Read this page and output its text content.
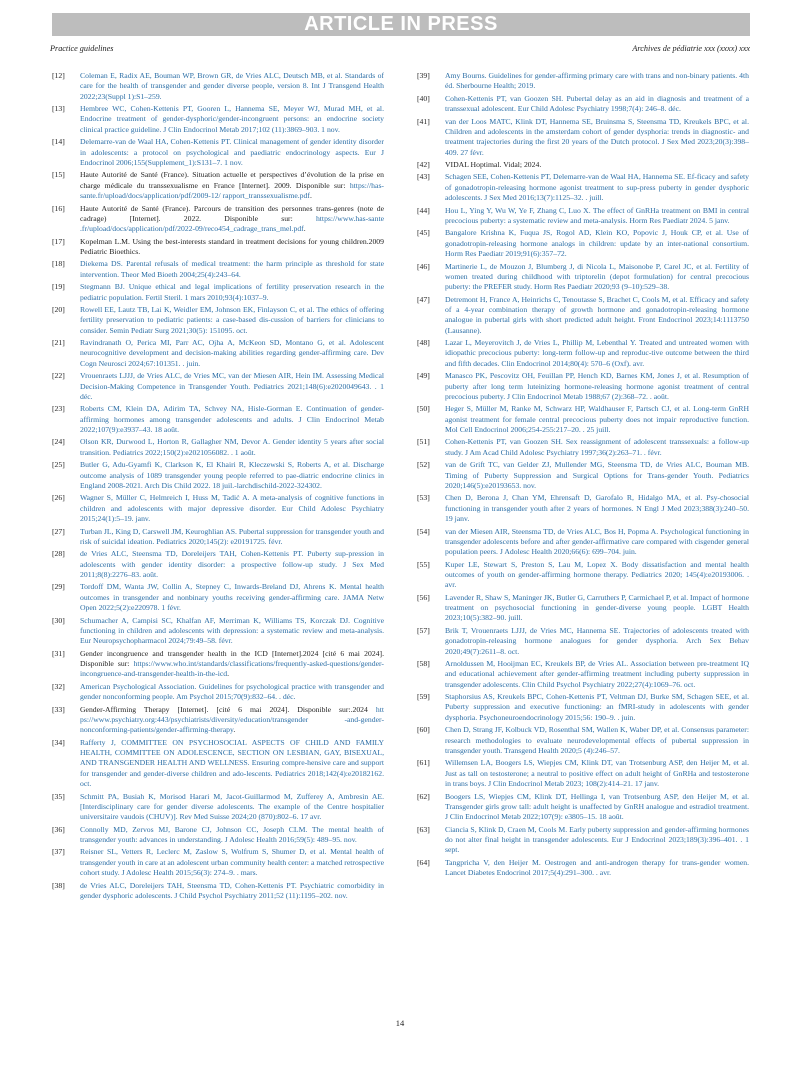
ARTICLE IN PRESS
Practice guidelines	Archives de pédiatrie xxx (xxxx) xxx
[12]	Coleman E, Radix AE, Bouman WP, Brown GR, de Vries ALC, Deutsch MB, et al. Standards of care for the health of transgender and gender diverse people, version 8. Int J Transgend Health 2022;23(Suppl 1):S1–259.
[13]	Hembree WC, Cohen-Kettenis PT, Gooren L, Hannema SE, Meyer WJ, Murad MH, et al. Endocrine treatment of gender-dysphoric/gender-incongruent persons: an endocrine society clinical practice guideline. J Clin Endocrinol Metab 2017;102 (11):3869–903. 1 nov.
[14]	Delemarre-van de Waal HA, Cohen-Kettenis PT. Clinical management of gender identity disorder in adolescents: a protocol on psychological and paediatric endocrinology aspects. Eur J Endocrinol 2006;155(Supplement_1):S131–7. 1 nov.
[15]	Haute Autorité de Santé (France). Situation actuelle et perspectives d’évolution de la prise en charge médicale du transsexualisme en France [Internet]. 2009. Disponible sur: https://has-sante.fr/upload/docs/application/pdf/2009-12/ rapport_transsexualisme.pdf.
[16]	Haute Autorité de Santé (France). Parcours de transition des personnes trans-genres (note de cadrage) [Internet]. 2022. Disponible sur: https://www.has-sante .fr/upload/docs/application/pdf/2022-09/reco454_cadrage_trans_mel.pdf.
[17]	Kopelman L.M. Using the best-interests standard in treatment decisions for young children.2009 Pediatric Bioethics.
[18]	Diekema DS. Parental refusals of medical treatment: the harm principle as threshold for state intervention. Theor Med Bioeth 2004;25(4):243–64.
[19]	Stegmann BJ. Unique ethical and legal implications of fertility preservation research in the pediatric population. Fertil Steril. 1 mars 2010;93(4):1037–9.
[20]	Rowell EE, Lautz TB, Lai K, Weidler EM, Johnson EK, Finlayson C, et al. The ethics of offering fertility preservation to pediatric patients: a case-based dis-cussion of barriers for clinicians to consider. Semin Pediatr Surg 2021;30(5): 151095. oct.
[21]	Ravindranath O, Perica MI, Parr AC, Ojha A, McKeon SD, Montano G, et al. Adolescent neurocognitive development and decision-making abilities regarding gender-affirming care. Dev Cogn Neurosci 2024;67:101351. . juin.
[22]	Vrouenraets LJJJ, de Vries ALC, de Vries MC, van der Miesen AIR, Hein IM. Assessing Medical Decision-Making Competence in Transgender Youth. Pediatrics 2021;148(6):e2020049643. . 1 déc.
[23]	Roberts CM, Klein DA, Adirim TA, Schvey NA, Hisle-Gorman E. Continuation of gender-affirming hormones among transgender adolescents and adults. J Clin Endocrinol Metab 2022;107(9):e3937–43. 18 août.
[24]	Olson KR, Durwood L, Horton R, Gallagher NM, Devor A. Gender identity 5 years after social transition. Pediatrics 2022;150(2):e2021056082. . 1 août.
[25]	Butler G, Adu-Gyamfi K, Clarkson K, El Khairi R, Kleczewski S, Roberts A, et al. Discharge outcome analysis of 1089 transgender young people referred to pae-diatric endocrine clinics in England 2008-2021. Arch Dis Child 2022. 18 juil.-larchdischild-2022-324302.
[26]	Wagner S, Müller C, Helmreich I, Huss M, Tadić A. A meta-analysis of cognitive functions in children and adolescents with major depressive disorder. Eur Child Adolesc Psychiatry 2015;24(1):5–19. janv.
[27]	Turban JL, King D, Carswell JM, Keuroghlian AS. Pubertal suppression for transgender youth and risk of suicidal ideation. Pediatrics 2020;145(2): e20191725. févr.
[28]	de Vries ALC, Steensma TD, Doreleijers TAH, Cohen-Kettenis PT. Puberty sup-pression in adolescents with gender identity disorder: a prospective follow-up study. J Sex Med 2011;8(8):2276–83. août.
[29]	Tordoff DM, Wanta JW, Collin A, Stepney C, Inwards-Breland DJ, Ahrens K. Mental health outcomes in transgender and nonbinary youths receiving gender-affirming care. JAMA Netw Open 2022;5(2):e220978. 1 févr.
[30]	Schumacher A, Campisi SC, Khalfan AF, Merriman K, Williams TS, Korczak DJ. Cognitive functioning in children and adolescents with depression: a systematic review and meta-analysis. Eur Neuropsychopharmacol 2024;79:49–58. févr.
[31]	Gender incongruence and transgender health in the ICD [Internet].2024 [cité 6 mai 2024]. Disponible sur: https://www.who.int/standards/classifications/frequently-asked-questions/gender-incongruence-and-transgender-health-in-the-icd.
[32]	American Psychological Association. Guidelines for psychological practice with transgender and gender nonconforming people. Am Psychol 2015;70(9):832–64. . déc.
[33]	Gender-Affirming Therapy [Internet]. [cité 6 mai 2024]. Disponible sur:.2024 htt ps://www.psychiatry.org:443/psychiatrists/diversity/education/transgender -and-gender-nonconforming-patients/gender-affirming-therapy.
[34]	Rafferty J, COMMITTEE ON PSYCHOSOCIAL ASPECTS OF CHILD AND FAMILY HEALTH, COMMITTEE ON ADOLESCENCE, SECTION ON LESBIAN, GAY, BISEXUAL, AND TRANSGENDER HEALTH AND WELLNESS. Ensuring compre-hensive care and support for transgender and gender-diverse children and ado-lescents. Pediatrics 2018;142(4):e20182162. oct.
[35]	Schmitt PA, Busiah K, Morisod Harari M, Jacot-Guillarmod M, Zufferey A, Ambresin AE. [Interdisciplinary care for gender diverse adolescents. The example of the Centre hospitalier universitaire vaudois (CHUV)]. Rev Med Suisse 2024;20 (870):802–6. 17 avr.
[36]	Connolly MD, Zervos MJ, Barone CJ, Johnson CC, Joseph CLM. The mental health of transgender youth: advances in understanding. J Adolesc Health 2016;59(5): 489–95. nov.
[37]	Reisner SL, Vetters R, Leclerc M, Zaslow S, Wolfrum S, Shumer D, et al. Mental health of transgender youth in care at an adolescent urban community health center: a matched retrospective cohort study. J Adolesc Health 2015;56(3): 274–9. . mars.
[38]	de Vries ALC, Doreleijers TAH, Steensma TD, Cohen-Kettenis PT. Psychiatric comorbidity in gender dysphoric adolescents. J Child Psychol Psychiatry 2011;52 (11):1195–202. nov.
[39]	Amy Bourns. Guidelines for gender-affirming primary care with trans and non-binary patients. 4th éd. Sherbourne Health; 2019.
[40]	Cohen-Kettenis PT, van Goozen SH. Pubertal delay as an aid in diagnosis and treatment of a transsexual adolescent. Eur Child Adolesc Psychiatry 1998;7(4): 246–8. déc.
[41]	van der Loos MATC, Klink DT, Hannema SE, Bruinsma S, Steensma TD, Kreukels BPC, et al. Children and adolescents in the amsterdam cohort of gender dysphoria: trends in diagnostic- and treatment trajectories during the first 20 years of the Dutch protocol. J Sex Med 2023;20(3):398–409. 27 févr.
[42]	VIDAL Hoptimal. Vidal; 2024.
[43]	Schagen SEE, Cohen-Kettenis PT, Delemarre-van de Waal HA, Hannema SE. Ef-ficacy and safety of gonadotropin-releasing hormone agonist treatment to sup-press puberty in gender dysphoric adolescents. J Sex Med 2016;13(7):1125–32. . juill.
[44]	Hou L, Ying Y, Wu W, Ye F, Zhang C, Luo X. The effect of GnRHa treatment on BMI in central precocious puberty: a systematic review and meta-analysis. Horm Res Paediatr 2024. 5 janv.
[45]	Bangalore Krishna K, Fuqua JS, Rogol AD, Klein KO, Popovic J, Houk CP, et al. Use of gonadotropin-releasing hormone analogs in children: update by an inter-national consortium. Horm Res Paediatr 2019;91(6):357–72.
[46]	Martinerie L, de Mouzon J, Blumberg J, di Nicola L, Maisonobe P, Carel JC, et al. Fertility of women treated during childhood with triptorelin (depot formulation) for central precocious puberty: the PREFER study. Horm Res Paediatr 2020;93 (9–10):529–38.
[47]	Detremont H, France A, Heinrichs C, Tenoutasse S, Brachet C, Cools M, et al. Efficacy and safety of a 4-year combination therapy of growth hormone and gonadotropin-releasing hormone analogue in pubertal girls with short predicted adult height. Front Endocrinol 2023;14:1113750 (Lausanne).
[48]	Lazar L, Meyerovitch J, de Vries L, Phillip M, Lebenthal Y. Treated and untreated women with idiopathic precocious puberty: long-term follow-up and reproduc-tive outcome between the third and fifth decades. Clin Endocrinol 2014;80(4): 570–6 (Oxf). avr.
[49]	Manasco PK, Pescovitz OH, Feuillan PP, Hench KD, Barnes KM, Jones J, et al. Resumption of puberty after long term luteinizing hormone-releasing hormone agonist treatment of central precocious puberty. J Clin Endocrinol Metab 1988;67 (2):368–72. . août.
[50]	Heger S, Müller M, Ranke M, Schwarz HP, Waldhauser F, Partsch CJ, et al. Long-term GnRH agonist treatment for female central precocious puberty does not impair reproductive function. Mol Cell Endocrinol 2006;254-255:217–20. . 25 juill.
[51]	Cohen-Kettenis PT, van Goozen SH. Sex reassignment of adolescent transsexuals: a follow-up study. J Am Acad Child Adolesc Psychiatry 1997;36(2):263–71. . févr.
[52]	van de Grift TC, van Gelder ZJ, Mullender MG, Steensma TD, de Vries ALC, Bouman MB. Timing of Puberty Suppression and Surgical Options for Trans-gender Youth. Pediatrics 2020;146(5):e20193653. nov.
[53]	Chen D, Berona J, Chan YM, Ehrensaft D, Garofalo R, Hidalgo MA, et al. Psy-chosocial functioning in transgender youth after 2 years of hormones. N Engl J Med 2023;388(3):240–50. 19 janv.
[54]	van der Miesen AIR, Steensma TD, de Vries ALC, Bos H, Popma A. Psychological functioning in transgender adolescents before and after gender-affirmative care compared with cisgender general population peers. J Adolesc Health 2020;66(6): 699–704. juin.
[55]	Kuper LE, Stewart S, Preston S, Lau M, Lopez X. Body dissatisfaction and mental health outcomes of youth on gender-affirming hormone therapy. Pediatrics 2020; 145(4):e20193006. . avr.
[56]	Lavender R, Shaw S, Maninger JK, Butler G, Carruthers P, Carmichael P, et al. Impact of hormone treatment on psychosocial functioning in gender-diverse young people. LGBT Health 2023;10(5):382–90. juill.
[57]	Brik T, Vrouenraets LJJJ, de Vries MC, Hannema SE. Trajectories of adolescents treated with gonadotropin-releasing hormone analogues for gender dysphoria. Arch Sex Behav 2020;49(7):2611–8. oct.
[58]	Arnoldussen M, Hooijman EC, Kreukels BP, de Vries AL. Association between pre-treatment IQ and educational achievement after gender-affirming treatment including puberty suppression in transgender adolescents. Clin Child Psychol Psychiatry 2022;27(4):1069–76. oct.
[59]	Staphorsius AS, Kreukels BPC, Cohen-Kettenis PT, Veltman DJ, Burke SM, Schagen SEE, et al. Puberty suppression and executive functioning: an fMRI-study in adolescents with gender dysphoria. Psychoneuroendocrinology 2015;56: 190–9. . juin.
[60]	Chen D, Strang JF, Kolbuck VD, Rosenthal SM, Wallen K, Waber DP, et al. Consensus parameter: research methodologies to evaluate neurodevelopmental effects of pubertal suppression in transgender youth. Transgend Health 2020;5 (4):246–57.
[61]	Willemsen LA, Boogers LS, Wiepjes CM, Klink DT, van Trotsenburg ASP, den Heijer M, et al. Just as tall on testosterone; a neutral to positive effect on adult height of GnRHa and testosterone in trans boys. J Clin Endocrinol Metab 2023; 108(2):414–21. 17 janv.
[62]	Boogers LS, Wiepjes CM, Klink DT, Hellinga I, van Trotsenburg ASP, den Heijer M, et al. Transgender girls grow tall: adult height is unaffected by GnRH analogue and estradiol treatment. J Clin Endocrinol Metab 2022;107(9): e3805–15. 18 août.
[63]	Ciancia S, Klink D, Craen M, Cools M. Early puberty suppression and gender-affirming hormones do not alter final height in transgender adolescents. Eur J Endocrinol 2023;189(3):396–401. . 1 sept.
[64]	Tangpricha V, den Heijer M. Oestrogen and anti-androgen therapy for trans-gender women. Lancet Diabetes Endocrinol 2017;5(4):291–300. . avr.
14
